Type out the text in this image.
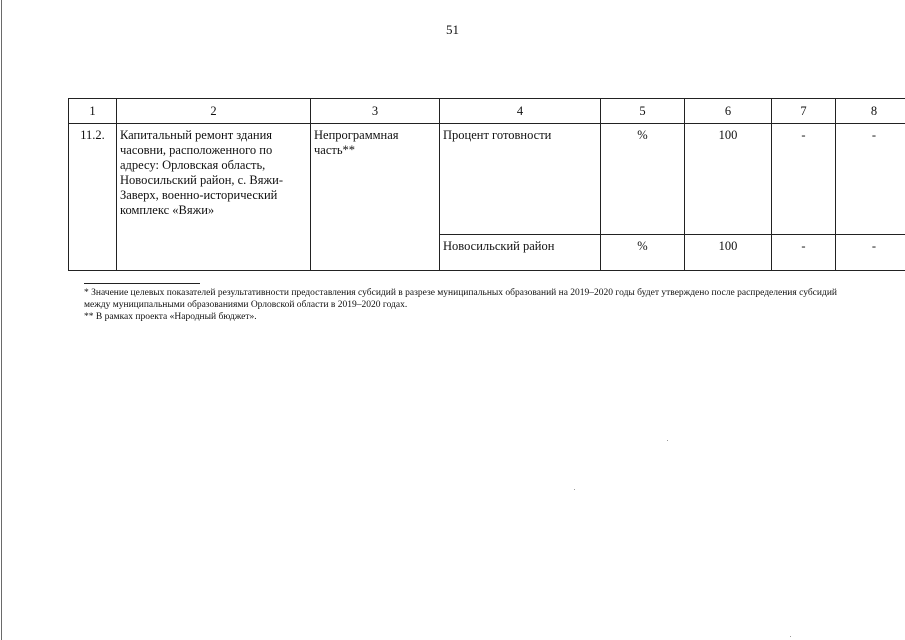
51
1	2	3	4	5	6	7	8
11.2.	Капитальный ремонт здания часовни, расположенного по адресу: Орловская область, Новосильский район, с. Вяжи-Заверх, военно-исторический комплекс «Вяжи»	Непрограммная часть**	Процент готовности	%	100	-	-
			Новосильский район	%	100	-	-

* Значение целевых показателей результативности предоставления субсидий в разрезе муниципальных образований на 2019–2020 годы будет утверждено после распределения субсидий между муниципальными образованиями Орловской области в 2019–2020 годах.

** В рамках проекта «Народный бюджет».
